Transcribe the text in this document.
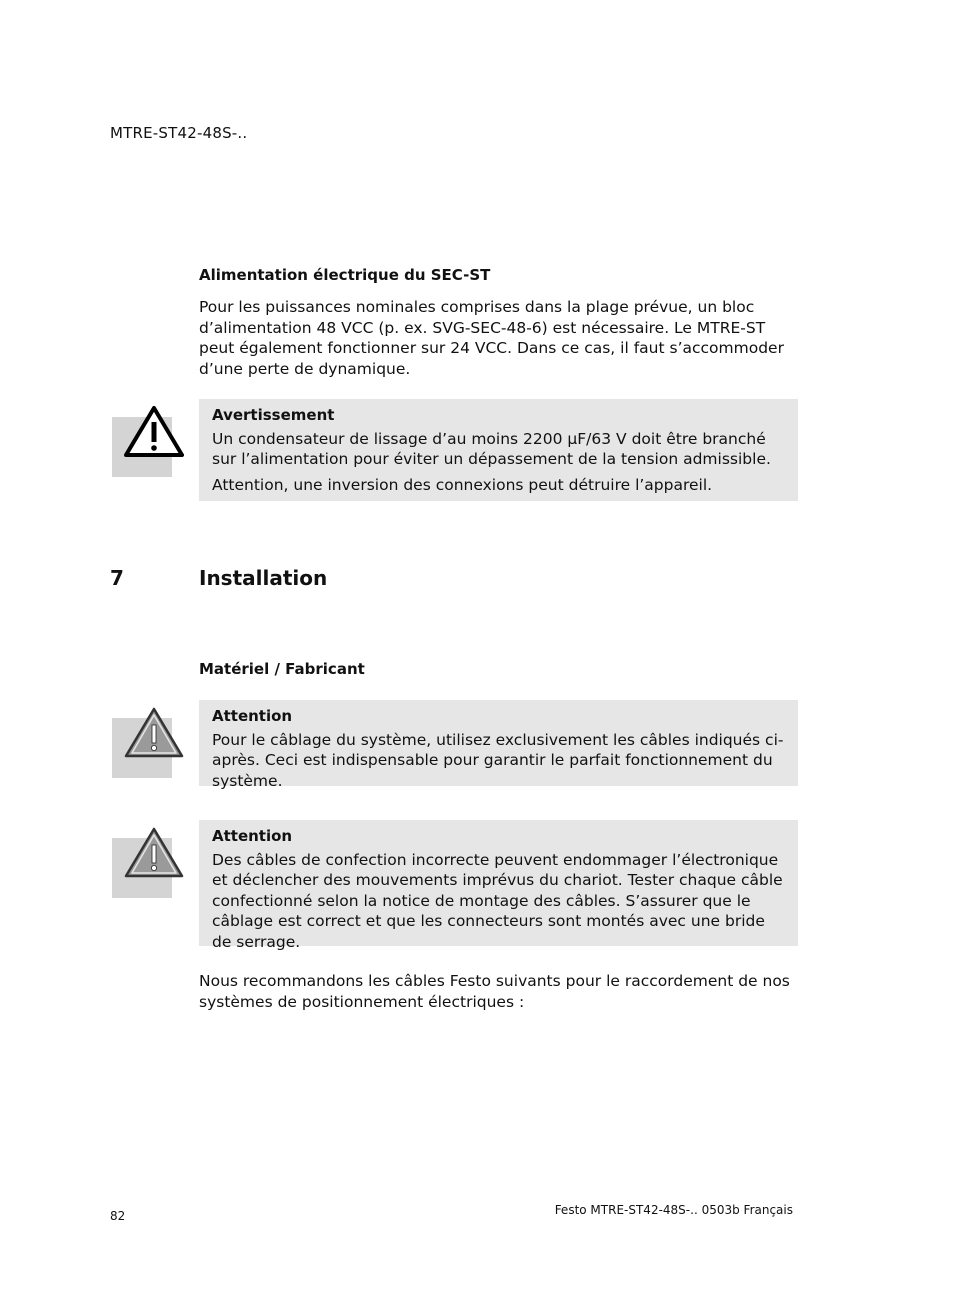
MTRE-ST42-48S-..
Alimentation électrique du SEC-ST
Pour les puissances nominales comprises dans la plage prévue, un bloc d’alimentation 48 VCC (p. ex. SVG-SEC-48-6) est nécessaire. Le MTRE-ST peut également fonctionner sur 24 VCC. Dans ce cas, il faut s’accommoder d’une perte de dynamique.
Avertissement
Un condensateur de lissage d’au moins 2200 µF/63 V doit être branché sur l’alimentation pour éviter un dépassement de la tension admissible.
Attention, une inversion des connexions peut détruire l’appareil.
7	Installation
Matériel / Fabricant
Attention
Pour le câblage du système, utilisez exclusivement les câbles indiqués ci-après. Ceci est indispensable pour garantir le parfait fonctionnement du système.
Attention
Des câbles de confection incorrecte peuvent endommager l’électronique et déclencher des mouvements imprévus du chariot. Tester chaque câble confectionné selon la notice de montage des câbles. S’assurer que le câblage est correct et que les connecteurs sont montés avec une bride de serrage.
Nous recommandons les câbles Festo suivants pour le raccordement de nos systèmes de positionnement électriques :
82	Festo MTRE-ST42-48S-.. 0503b Français
